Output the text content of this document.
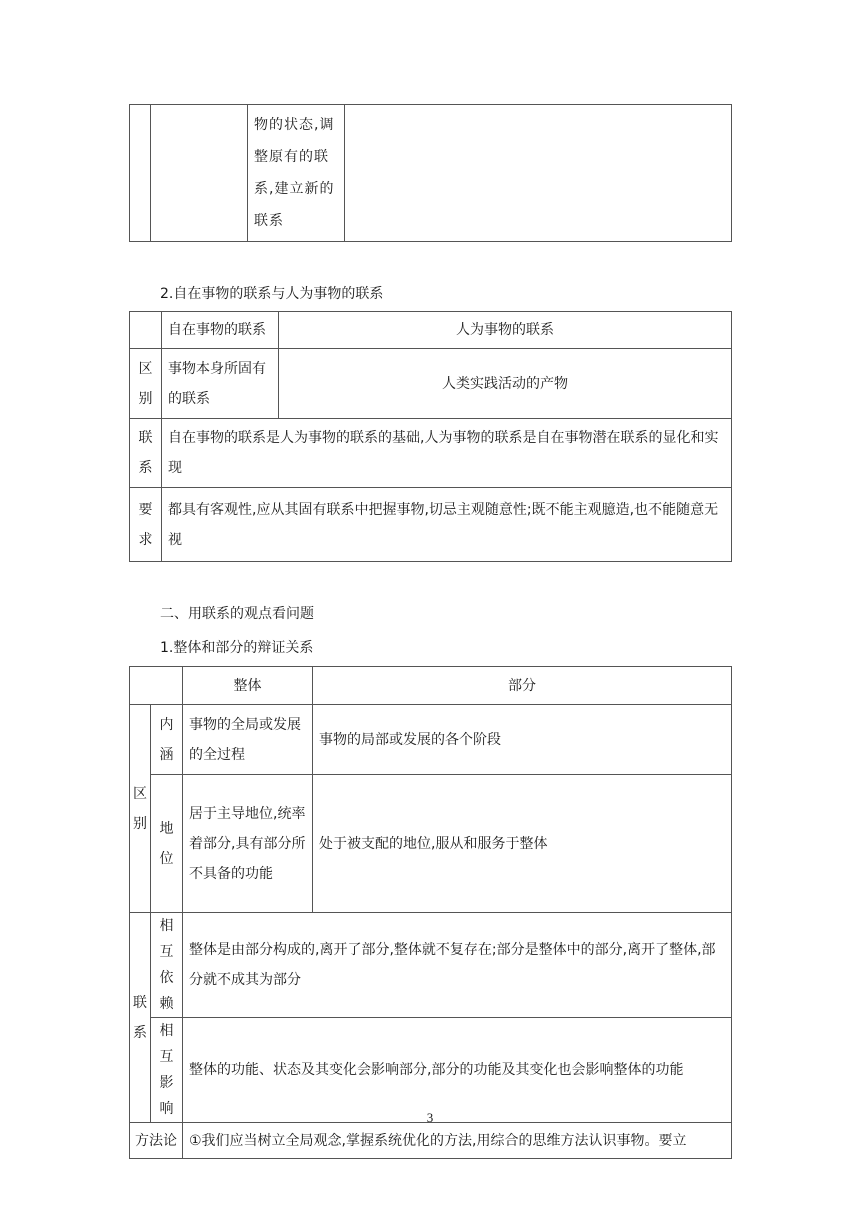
		物的状态,调整原有的联系,建立新的联系	
2.自在事物的联系与人为事物的联系
	自在事物的联系	人为事物的联系
区别	事物本身所固有的联系	人类实践活动的产物
联系	自在事物的联系是人为事物的联系的基础,人为事物的联系是自在事物潜在联系的显化和实现	
要求	都具有客观性,应从其固有联系中把握事物,切忌主观随意性;既不能主观臆造,也不能随意无视	
二、用联系的观点看问题
1.整体和部分的辩证关系
		整体	部分

区别	内涵	事物的全局或发展的全过程	事物的局部或发展的各个阶段
	地位	居于主导地位,统率着部分,具有部分所不具备的功能	处于被支配的地位,服从和服务于整体

联系	相互依赖	整体是由部分构成的,离开了部分,整体就不复存在;部分是整体中的部分,离开了整体,部分就不成其为部分	
	相互影响	整体的功能、状态及其变化会影响部分,部分的功能及其变化也会影响整体的功能	
方法论		①我们应当树立全局观念,掌握系统优化的方法,用综合的思维方法认识事物。要立	
3
